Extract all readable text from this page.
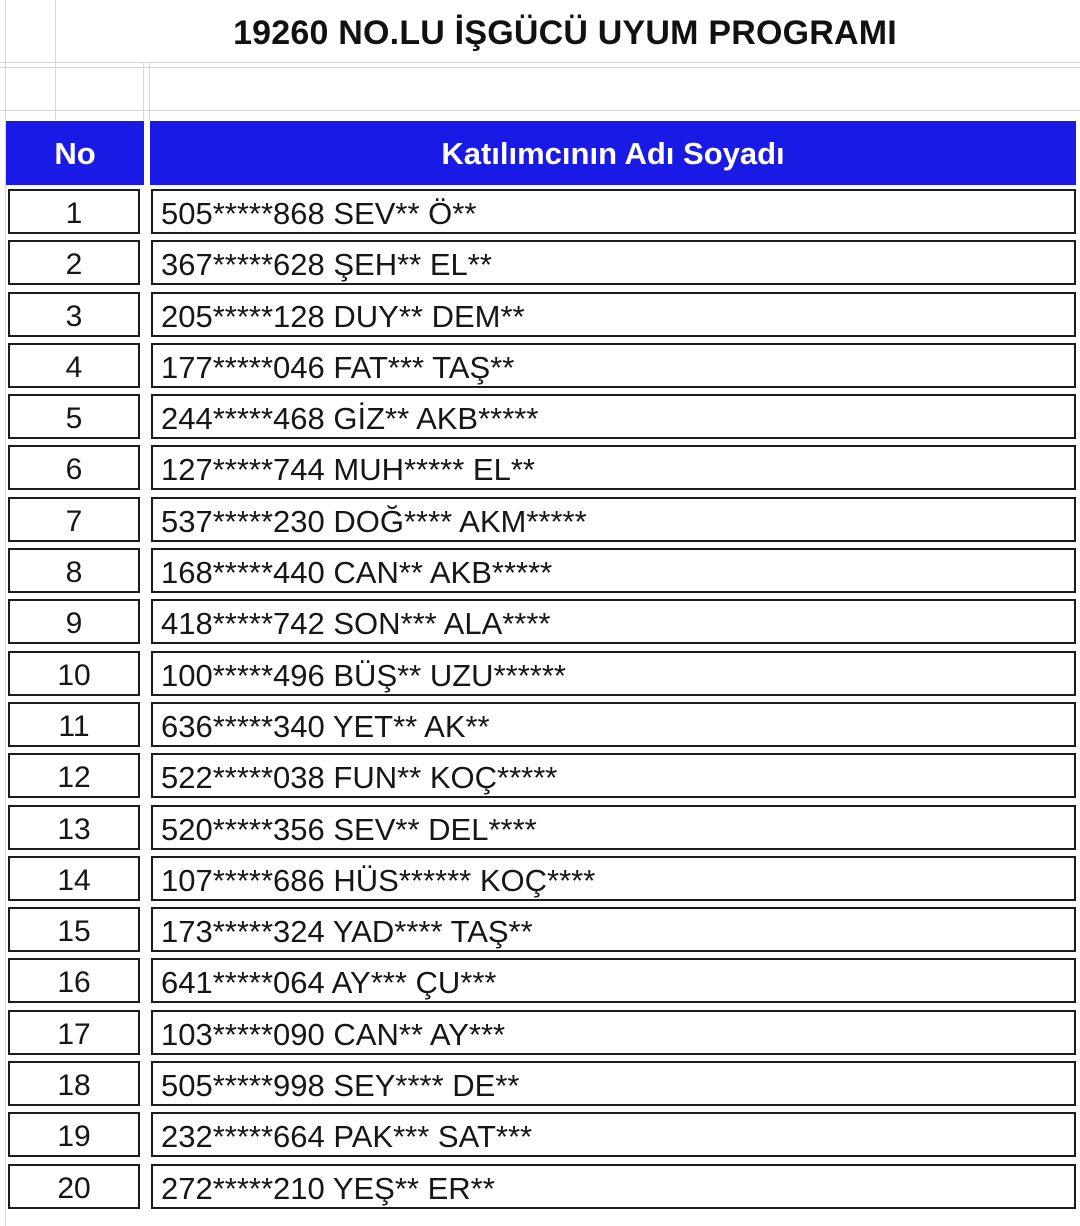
19260 NO.LU İŞGÜCÜ UYUM PROGRAMI
No	Katılımcının Adı Soyadı
1	505*****868 SEV** Ö**
2	367*****628 ŞEH** EL**
3	205*****128 DUY** DEM**
4	177*****046 FAT*** TAŞ**
5	244*****468 GİZ** AKB*****
6	127*****744 MUH***** EL**
7	537*****230 DOĞ**** AKM*****
8	168*****440 CAN** AKB*****
9	418*****742 SON*** ALA****
10	100*****496 BÜŞ** UZU******
11	636*****340 YET** AK**
12	522*****038 FUN** KOÇ*****
13	520*****356 SEV** DEL****
14	107*****686 HÜS****** KOÇ****
15	173*****324 YAD**** TAŞ**
16	641*****064 AY*** ÇU***
17	103*****090 CAN** AY***
18	505*****998 SEY**** DE**
19	232*****664 PAK*** SAT***
20	272*****210 YEŞ** ER**
